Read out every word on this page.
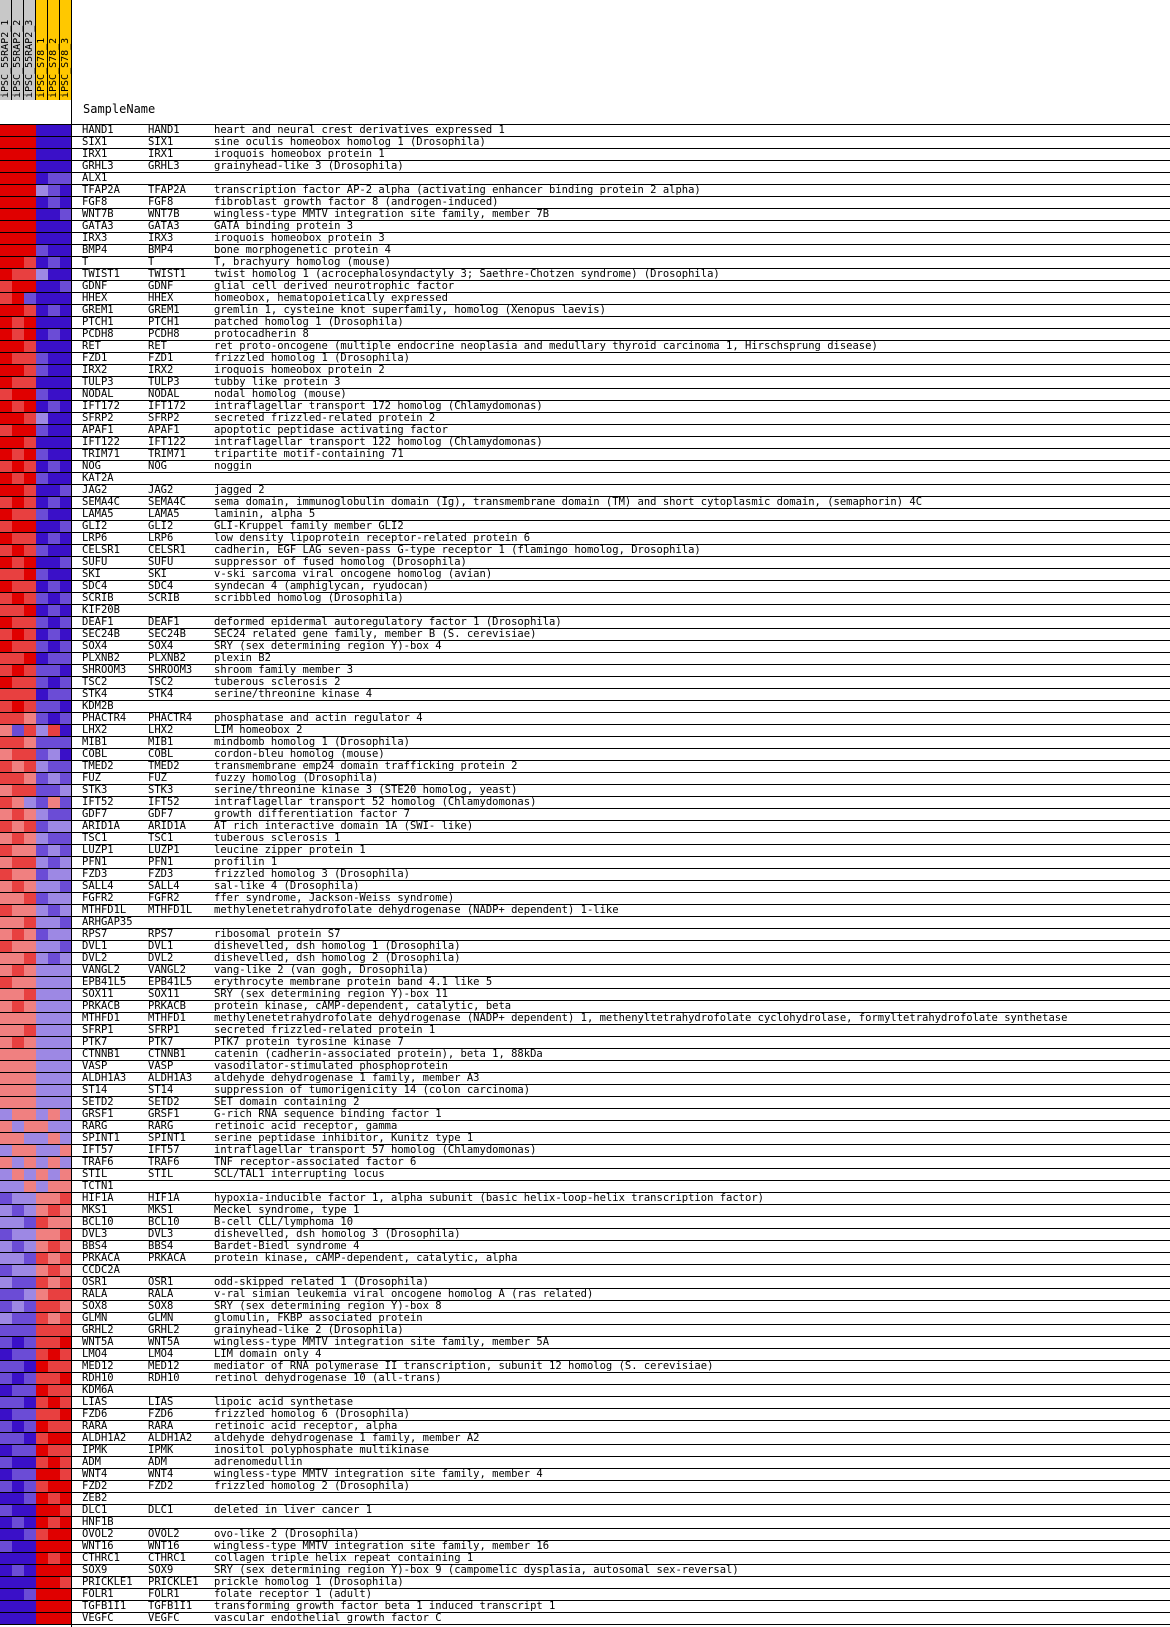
iPSC_55RAP2_1 iPSC_55RAP2_2 iPSC_55RAP2_3 iPSC_S78_1 iPSC_S78_2 iPSC_S78_3
SampleName
HAND1	HAND1	heart and neural crest derivatives expressed 1
SIX1	SIX1	sine oculis homeobox homolog 1 (Drosophila)
IRX1	IRX1	iroquois homeobox protein 1
GRHL3	GRHL3	grainyhead-like 3 (Drosophila)
ALX1
TFAP2A	TFAP2A	transcription factor AP-2 alpha (activating enhancer binding protein 2 alpha)
FGF8	FGF8	fibroblast growth factor 8 (androgen-induced)
WNT7B	WNT7B	wingless-type MMTV integration site family, member 7B
GATA3	GATA3	GATA binding protein 3
IRX3	IRX3	iroquois homeobox protein 3
BMP4	BMP4	bone morphogenetic protein 4
T	T	T, brachyury homolog (mouse)
TWIST1	TWIST1	twist homolog 1 (acrocephalosyndactyly 3; Saethre-Chotzen syndrome) (Drosophila)
GDNF	GDNF	glial cell derived neurotrophic factor
HHEX	HHEX	homeobox, hematopoietically expressed
GREM1	GREM1	gremlin 1, cysteine knot superfamily, homolog (Xenopus laevis)
PTCH1	PTCH1	patched homolog 1 (Drosophila)
PCDH8	PCDH8	protocadherin 8
RET	RET	ret proto-oncogene (multiple endocrine neoplasia and medullary thyroid carcinoma 1, Hirschsprung disease)
FZD1	FZD1	frizzled homolog 1 (Drosophila)
IRX2	IRX2	iroquois homeobox protein 2
TULP3	TULP3	tubby like protein 3
NODAL	NODAL	nodal homolog (mouse)
IFT172	IFT172	intraflagellar transport 172 homolog (Chlamydomonas)
SFRP2	SFRP2	secreted frizzled-related protein 2
APAF1	APAF1	apoptotic peptidase activating factor
IFT122	IFT122	intraflagellar transport 122 homolog (Chlamydomonas)
TRIM71	TRIM71	tripartite motif-containing 71
NOG	NOG	noggin
KAT2A
JAG2	JAG2	jagged 2
SEMA4C	SEMA4C	sema domain, immunoglobulin domain (Ig), transmembrane domain (TM) and short cytoplasmic domain, (semaphorin) 4C
LAMA5	LAMA5	laminin, alpha 5
GLI2	GLI2	GLI-Kruppel family member GLI2
LRP6	LRP6	low density lipoprotein receptor-related protein 6
CELSR1	CELSR1	cadherin, EGF LAG seven-pass G-type receptor 1 (flamingo homolog, Drosophila)
SUFU	SUFU	suppressor of fused homolog (Drosophila)
SKI	SKI	v-ski sarcoma viral oncogene homolog (avian)
SDC4	SDC4	syndecan 4 (amphiglycan, ryudocan)
SCRIB	SCRIB	scribbled homolog (Drosophila)
KIF20B
DEAF1	DEAF1	deformed epidermal autoregulatory factor 1 (Drosophila)
SEC24B	SEC24B	SEC24 related gene family, member B (S. cerevisiae)
SOX4	SOX4	SRY (sex determining region Y)-box 4
PLXNB2	PLXNB2	plexin B2
SHROOM3 SHROOM3 shroom family member 3
TSC2	TSC2	tuberous sclerosis 2
STK4	STK4	serine/threonine kinase 4
KDM2B
PHACTR4 PHACTR4 phosphatase and actin regulator 4
LHX2	LHX2	LIM homeobox 2
MIB1	MIB1	mindbomb homolog 1 (Drosophila)
COBL	COBL	cordon-bleu homolog (mouse)
TMED2	TMED2	transmembrane emp24 domain trafficking protein 2
FUZ	FUZ	fuzzy homolog (Drosophila)
STK3	STK3	serine/threonine kinase 3 (STE20 homolog, yeast)
IFT52	IFT52	intraflagellar transport 52 homolog (Chlamydomonas)
GDF7	GDF7	growth differentiation factor 7
ARID1A	ARID1A	AT rich interactive domain 1A (SWI- like)
TSC1	TSC1	tuberous sclerosis 1
LUZP1	LUZP1	leucine zipper protein 1
PFN1	PFN1	profilin 1
FZD3	FZD3	frizzled homolog 3 (Drosophila)
SALL4	SALL4	sal-like 4 (Drosophila)
FGFR2	FGFR2	ffer syndrome, Jackson-Weiss syndrome)
MTHFD1L MTHFD1L methylenetetrahydrofolate dehydrogenase (NADP+ dependent) 1-like
ARHGAP35
RPS7	RPS7	ribosomal protein S7
DVL1	DVL1	dishevelled, dsh homolog 1 (Drosophila)
DVL2	DVL2	dishevelled, dsh homolog 2 (Drosophila)
VANGL2	VANGL2	vang-like 2 (van gogh, Drosophila)
EPB41L5 EPB41L5 erythrocyte membrane protein band 4.1 like 5
SOX11	SOX11	SRY (sex determining region Y)-box 11
PRKACB	PRKACB	protein kinase, cAMP-dependent, catalytic, beta
MTHFD1	MTHFD1	methylenetetrahydrofolate dehydrogenase (NADP+ dependent) 1, methenyltetrahydrofolate cyclohydrolase, formyltetrahydrofolate synthetase
SFRP1	SFRP1	secreted frizzled-related protein 1
PTK7	PTK7	PTK7 protein tyrosine kinase 7
CTNNB1	CTNNB1	catenin (cadherin-associated protein), beta 1, 88kDa
VASP	VASP	vasodilator-stimulated phosphoprotein
ALDH1A3 ALDH1A3 aldehyde dehydrogenase 1 family, member A3
ST14	ST14	suppression of tumorigenicity 14 (colon carcinoma)
SETD2	SETD2	SET domain containing 2
GRSF1	GRSF1	G-rich RNA sequence binding factor 1
RARG	RARG	retinoic acid receptor, gamma
SPINT1	SPINT1	serine peptidase inhibitor, Kunitz type 1
IFT57	IFT57	intraflagellar transport 57 homolog (Chlamydomonas)
TRAF6	TRAF6	TNF receptor-associated factor 6
STIL	STIL	SCL/TAL1 interrupting locus
TCTN1
HIF1A	HIF1A	hypoxia-inducible factor 1, alpha subunit (basic helix-loop-helix transcription factor)
MKS1	MKS1	Meckel syndrome, type 1
BCL10	BCL10	B-cell CLL/lymphoma 10
DVL3	DVL3	dishevelled, dsh homolog 3 (Drosophila)
BBS4	BBS4	Bardet-Biedl syndrome 4
PRKACA	PRKACA	protein kinase, cAMP-dependent, catalytic, alpha
CCDC2A
OSR1	OSR1	odd-skipped related 1 (Drosophila)
RALA	RALA	v-ral simian leukemia viral oncogene homolog A (ras related)
SOX8	SOX8	SRY (sex determining region Y)-box 8
GLMN	GLMN	glomulin, FKBP associated protein
GRHL2	GRHL2	grainyhead-like 2 (Drosophila)
WNT5A	WNT5A	wingless-type MMTV integration site family, member 5A
LMO4	LMO4	LIM domain only 4
MED12	MED12	mediator of RNA polymerase II transcription, subunit 12 homolog (S. cerevisiae)
RDH10	RDH10	retinol dehydrogenase 10 (all-trans)
KDM6A
LIAS	LIAS	lipoic acid synthetase
FZD6	FZD6	frizzled homolog 6 (Drosophila)
RARA	RARA	retinoic acid receptor, alpha
ALDH1A2 ALDH1A2 aldehyde dehydrogenase 1 family, member A2
IPMK	IPMK	inositol polyphosphate multikinase
ADM	ADM	adrenomedullin
WNT4	WNT4	wingless-type MMTV integration site family, member 4
FZD2	FZD2	frizzled homolog 2 (Drosophila)
ZEB2
DLC1	DLC1	deleted in liver cancer 1
HNF1B
OVOL2	OVOL2	ovo-like 2 (Drosophila)
WNT16	WNT16	wingless-type MMTV integration site family, member 16
CTHRC1	CTHRC1	collagen triple helix repeat containing 1
SOX9	SOX9	SRY (sex determining region Y)-box 9 (campomelic dysplasia, autosomal sex-reversal)
PRICKLE1 PRICKLE1 prickle homolog 1 (Drosophila)
FOLR1	FOLR1	folate receptor 1 (adult)
TGFB1I1 TGFB1I1 transforming growth factor beta 1 induced transcript 1
VEGFC	VEGFC	vascular endothelial growth factor C
